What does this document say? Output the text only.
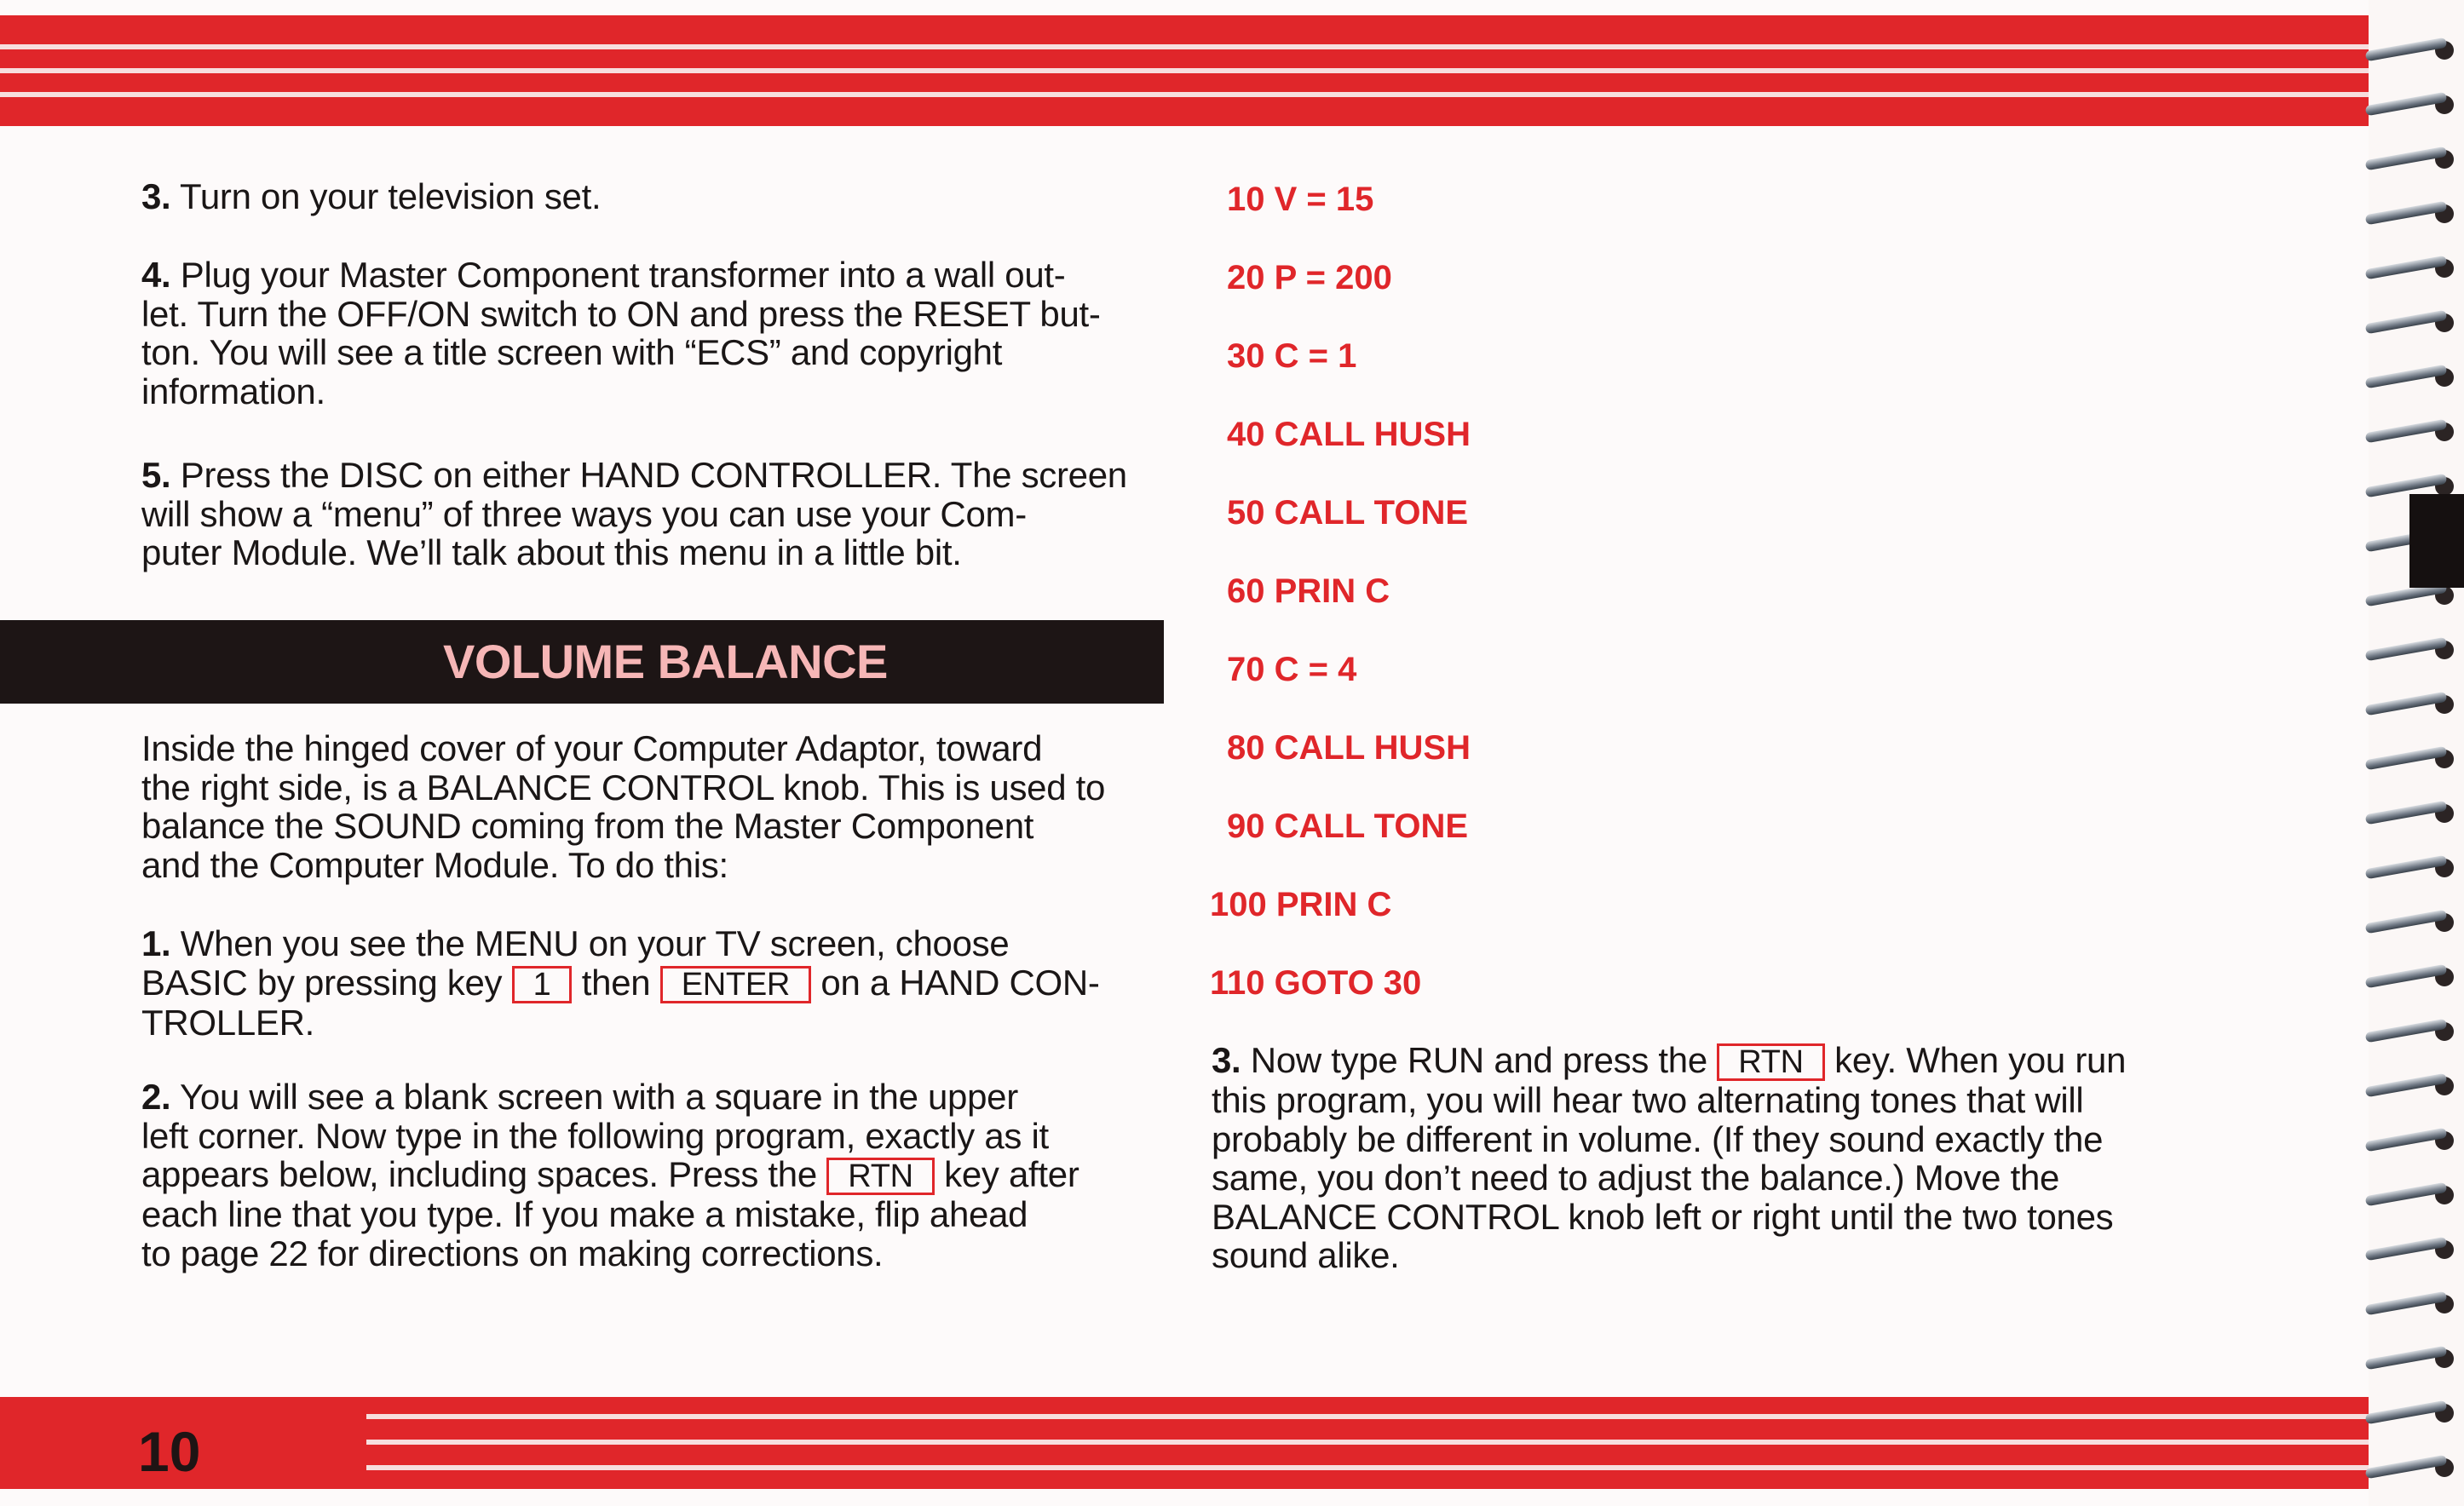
3. Turn on your television set.

4. Plug your Master Component transformer into a wall out-

let. Turn the OFF/ON switch to ON and press the RESET but-

ton. You will see a title screen with “ECS” and copyright

information.

5. Press the DISC on either HAND CONTROLLER. The screen

will show a “menu” of three ways you can use your Com-

puter Module. We’ll talk about this menu in a little bit.

VOLUME BALANCE

Inside the hinged cover of your Computer Adaptor, toward

the right side, is a BALANCE CONTROL knob. This is used to

balance the SOUND coming from the Master Component

and the Computer Module. To do this:

1. When you see the MENU on your TV screen, choose

BASIC by pressing key 1 then ENTER on a HAND CON-

TROLLER.

2. You will see a blank screen with a square in the upper

left corner. Now type in the following program, exactly as it

appears below, including spaces. Press the RTN key after

each line that you type. If you make a mistake, flip ahead

to page 22 for directions on making corrections.

10 V = 15
20 P = 200
30 C = 1
40 CALL HUSH
50 CALL TONE
60 PRIN C
70 C = 4
80 CALL HUSH
90 CALL TONE
100 PRIN C
110 GOTO 30

3. Now type RUN and press the RTN key. When you run

this program, you will hear two alternating tones that will

probably be different in volume. (If they sound exactly the

same, you don’t need to adjust the balance.) Move the

BALANCE CONTROL knob left or right until the two tones

sound alike.

10
